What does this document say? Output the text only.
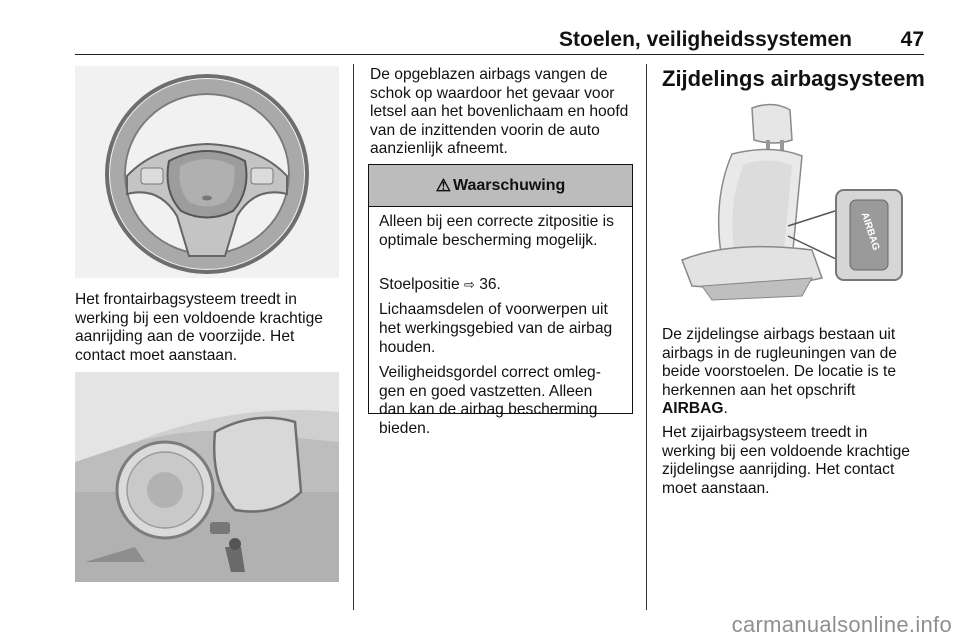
Stoelen, veiligheidssystemen 47
Het frontairbagsysteem treedt in
werking bij een voldoende krachtige
aanrijding aan de voorzijde. Het
contact moet aanstaan.
De opgeblazen airbags vangen de
schok op waardoor het gevaar voor
letsel aan het bovenlichaam en hoofd
van de inzittenden voorin de auto
aanzienlijk afneemt.
⚠ Waarschuwing
Alleen bij een correcte zitpositie is
optimale bescherming mogelijk.

Stoelpositie ⇨ 36.

Lichaamsdelen of voorwerpen uit
het werkingsgebied van de airbag
houden.
Veiligheidsgordel correct omleg-
gen en goed vastzetten. Alleen
dan kan de airbag bescherming
bieden.
Zijdelings airbagsysteem
AIRBAG
De zijdelingse airbags bestaan uit
airbags in de rugleuningen van de
beide voorstoelen. De locatie is te
herkennen aan het opschrift
AIRBAG.
Het zijairbagsysteem treedt in
werking bij een voldoende krachtige
zijdelingse aanrijding. Het contact
moet aanstaan.
carmanualsonline.info
